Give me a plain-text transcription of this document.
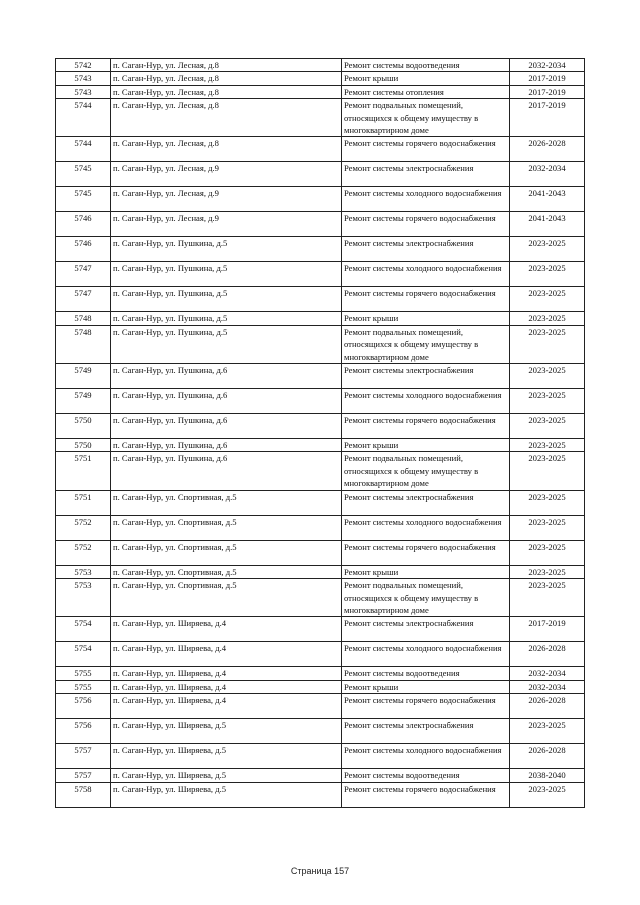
5742	п. Саган-Нур, ул. Лесная, д.8	Ремонт системы водоотведения	2032-2034
5743	п. Саган-Нур, ул. Лесная, д.8	Ремонт крыши	2017-2019
5743	п. Саган-Нур, ул. Лесная, д.8	Ремонт системы отопления	2017-2019
5744	п. Саган-Нур, ул. Лесная, д.8	Ремонт подвальных помещений, относящихся к общему имуществу в многоквартирном доме	2017-2019
5744	п. Саган-Нур, ул. Лесная, д.8	Ремонт системы горячего водоснабжения	2026-2028
5745	п. Саган-Нур, ул. Лесная, д.9	Ремонт системы электроснабжения	2032-2034
5745	п. Саган-Нур, ул. Лесная, д.9	Ремонт системы холодного водоснабжения	2041-2043
5746	п. Саган-Нур, ул. Лесная, д.9	Ремонт системы горячего водоснабжения	2041-2043
5746	п. Саган-Нур, ул. Пушкина, д.5	Ремонт системы электроснабжения	2023-2025
5747	п. Саган-Нур, ул. Пушкина, д.5	Ремонт системы холодного водоснабжения	2023-2025
5747	п. Саган-Нур, ул. Пушкина, д.5	Ремонт системы горячего водоснабжения	2023-2025
5748	п. Саган-Нур, ул. Пушкина, д.5	Ремонт крыши	2023-2025
5748	п. Саган-Нур, ул. Пушкина, д.5	Ремонт подвальных помещений, относящихся к общему имуществу в многоквартирном доме	2023-2025
5749	п. Саган-Нур, ул. Пушкина, д.6	Ремонт системы электроснабжения	2023-2025
5749	п. Саган-Нур, ул. Пушкина, д.6	Ремонт системы холодного водоснабжения	2023-2025
5750	п. Саган-Нур, ул. Пушкина, д.6	Ремонт системы горячего водоснабжения	2023-2025
5750	п. Саган-Нур, ул. Пушкина, д.6	Ремонт крыши	2023-2025
5751	п. Саган-Нур, ул. Пушкина, д.6	Ремонт подвальных помещений, относящихся к общему имуществу в многоквартирном доме	2023-2025
5751	п. Саган-Нур, ул. Спортивная, д.5	Ремонт системы электроснабжения	2023-2025
5752	п. Саган-Нур, ул. Спортивная, д.5	Ремонт системы холодного водоснабжения	2023-2025
5752	п. Саган-Нур, ул. Спортивная, д.5	Ремонт системы горячего водоснабжения	2023-2025
5753	п. Саган-Нур, ул. Спортивная, д.5	Ремонт крыши	2023-2025
5753	п. Саган-Нур, ул. Спортивная, д.5	Ремонт подвальных помещений, относящихся к общему имуществу в многоквартирном доме	2023-2025
5754	п. Саган-Нур, ул. Ширяева, д.4	Ремонт системы электроснабжения	2017-2019
5754	п. Саган-Нур, ул. Ширяева, д.4	Ремонт системы холодного водоснабжения	2026-2028
5755	п. Саган-Нур, ул. Ширяева, д.4	Ремонт системы водоотведения	2032-2034
5755	п. Саган-Нур, ул. Ширяева, д.4	Ремонт крыши	2032-2034
5756	п. Саган-Нур, ул. Ширяева, д.4	Ремонт системы горячего водоснабжения	2026-2028
5756	п. Саган-Нур, ул. Ширяева, д.5	Ремонт системы электроснабжения	2023-2025
5757	п. Саган-Нур, ул. Ширяева, д.5	Ремонт системы холодного водоснабжения	2026-2028
5757	п. Саган-Нур, ул. Ширяева, д.5	Ремонт системы водоотведения	2038-2040
5758	п. Саган-Нур, ул. Ширяева, д.5	Ремонт системы горячего водоснабжения	2023-2025
Страница 157
